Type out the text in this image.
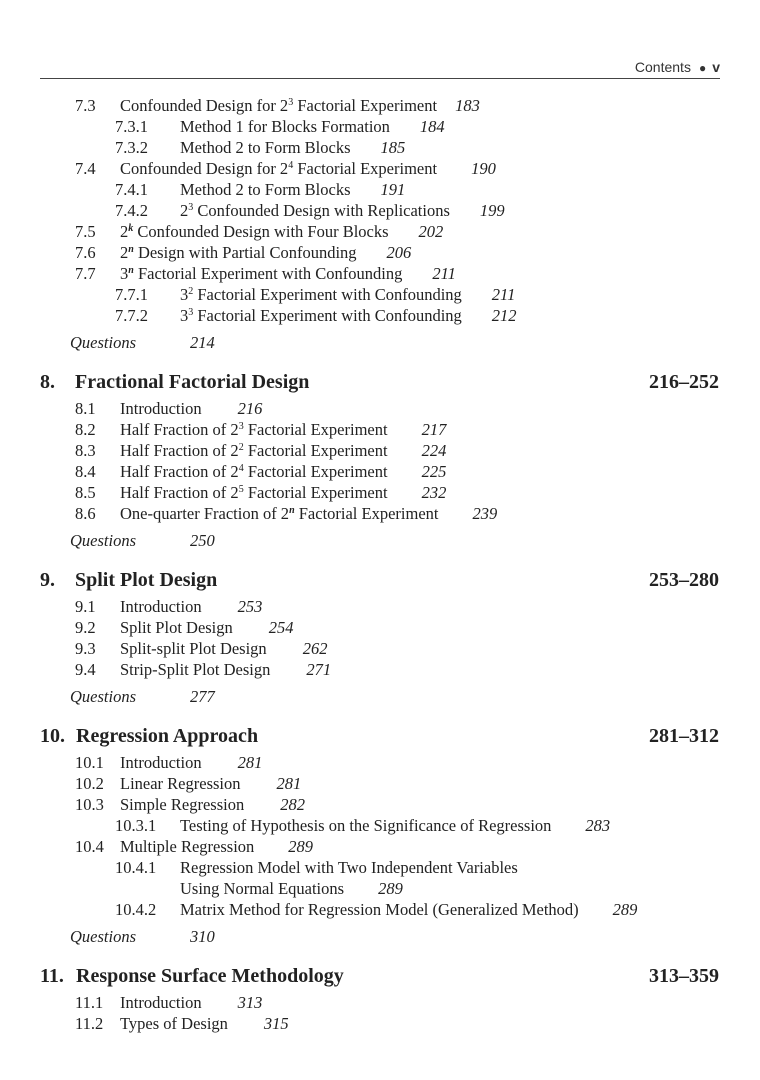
Contents ● v
7.3 Confounded Design for $2^3$ Factorial Experiment 183
7.3.1 Method 1 for Blocks Formation 184
7.3.2 Method 2 to Form Blocks 185
7.4 Confounded Design for $2^4$ Factorial Experiment 190
7.4.1 Method 2 to Form Blocks 191
7.4.2 $2^3$ Confounded Design with Replications 199
7.5 2$^k$ Confounded Design with Four Blocks 202
7.6 2$^n$ Design with Partial Confounding 206
7.7 3$^n$ Factorial Experiment with Confounding 211
7.7.1 $3^2$ Factorial Experiment with Confounding 211
7.7.2 $3^3$ Factorial Experiment with Confounding 212
Questions	214
8. Fractional Factorial Design	216–252
8.1 Introduction 216
8.2 Half Fraction of $2^3$ Factorial Experiment 217
8.3 Half Fraction of $2^2$ Factorial Experiment 224
8.4 Half Fraction of $2^4$ Factorial Experiment 225
8.5 Half Fraction of $2^5$ Factorial Experiment 232
8.6 One-quarter Fraction of 2$^n$ Factorial Experiment 239
Questions	250
9. Split Plot Design	253–280
9.1 Introduction 253
9.2 Split Plot Design 254
9.3 Split-split Plot Design 262
9.4 Strip-Split Plot Design 271
Questions	277
10. Regression Approach	281–312
10.1 Introduction 281
10.2 Linear Regression 281
10.3 Simple Regression 282
10.3.1 Testing of Hypothesis on the Significance of Regression 283
10.4 Multiple Regression 289
10.4.1 Regression Model with Two Independent Variables
Using Normal Equations 289
10.4.2 Matrix Method for Regression Model (Generalized Method) 289
Questions	310
11. Response Surface Methodology	313–359
11.1 Introduction 313
11.2 Types of Design 315
